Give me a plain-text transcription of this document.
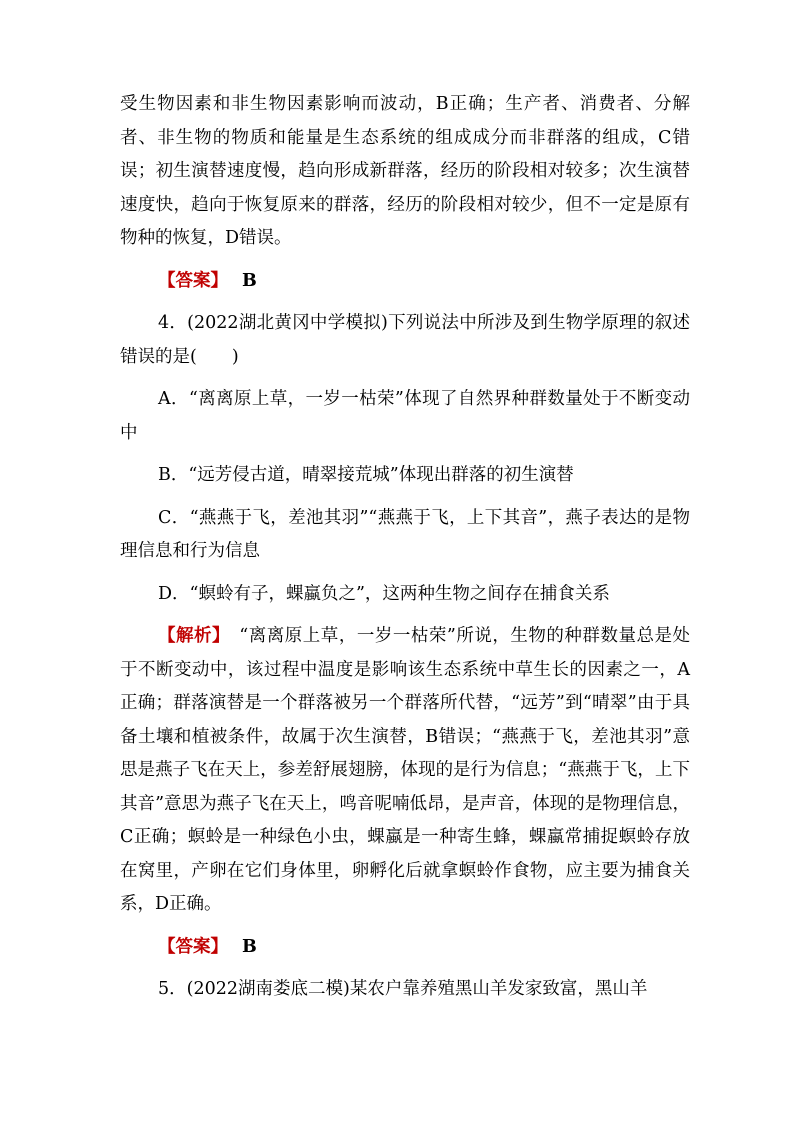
受生物因素和非生物因素影响而波动，B正确；生产者、消费者、分解者、非生物的物质和能量是生态系统的组成成分而非群落的组成，C错误；初生演替速度慢，趋向形成新群落，经历的阶段相对较多；次生演替速度快，趋向于恢复原来的群落，经历的阶段相对较少，但不一定是原有物种的恢复，D错误。

【答案】 B

4．(2022湖北黄冈中学模拟)下列说法中所涉及到生物学原理的叙述错误的是(　　)

A．“离离原上草，一岁一枯荣”体现了自然界种群数量处于不断变动中

B．“远芳侵古道，晴翠接荒城”体现出群落的初生演替

C．“燕燕于飞，差池其羽”“燕燕于飞，上下其音”，燕子表达的是物理信息和行为信息

D．“螟蛉有子，蜾蠃负之”，这两种生物之间存在捕食关系

【解析】　“离离原上草，一岁一枯荣”所说，生物的种群数量总是处于不断变动中，该过程中温度是影响该生态系统中草生长的因素之一，A正确；群落演替是一个群落被另一个群落所代替，“远芳”到“晴翠”由于具备土壤和植被条件，故属于次生演替，B错误；“燕燕于飞，差池其羽”意思是燕子飞在天上，参差舒展翅膀，体现的是行为信息；“燕燕于飞，上下其音”意思为燕子飞在天上，鸣音呢喃低昂，是声音，体现的是物理信息，C正确；螟蛉是一种绿色小虫，蜾蠃是一种寄生蜂，蜾蠃常捕捉螟蛉存放在窝里，产卵在它们身体里，卵孵化后就拿螟蛉作食物，应主要为捕食关系，D正确。

【答案】 B

5．(2022湖南娄底二模)某农户靠养殖黑山羊发家致富，黑山羊
